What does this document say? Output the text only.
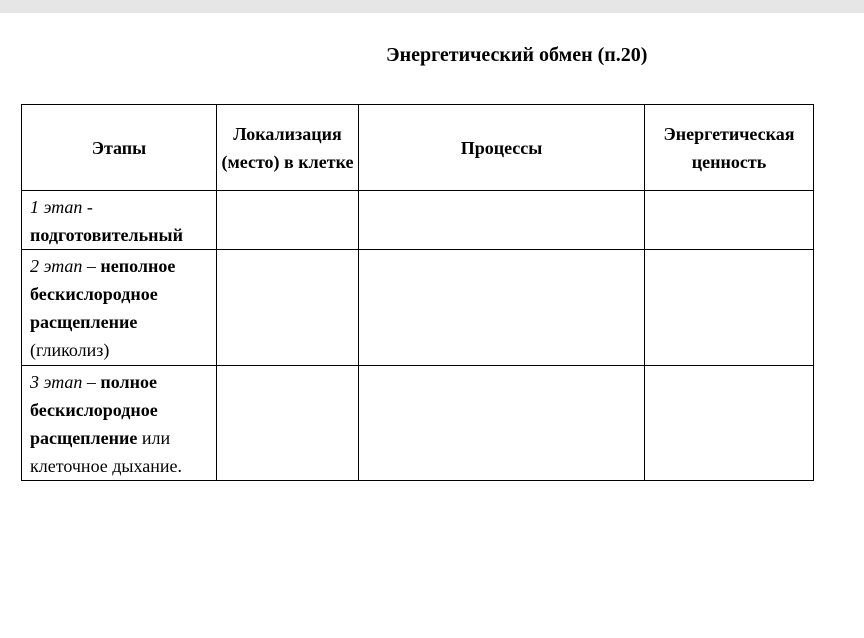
Энергетический обмен (п.20)
Этапы	Локализация (место) в клетке	Процессы	Энергетическая ценность
1 этап - подготовительный			
2 этап – неполное бескислородное расщепление (гликолиз)			
3 этап – полное бескислородное расщепление или клеточное дыхание.			
